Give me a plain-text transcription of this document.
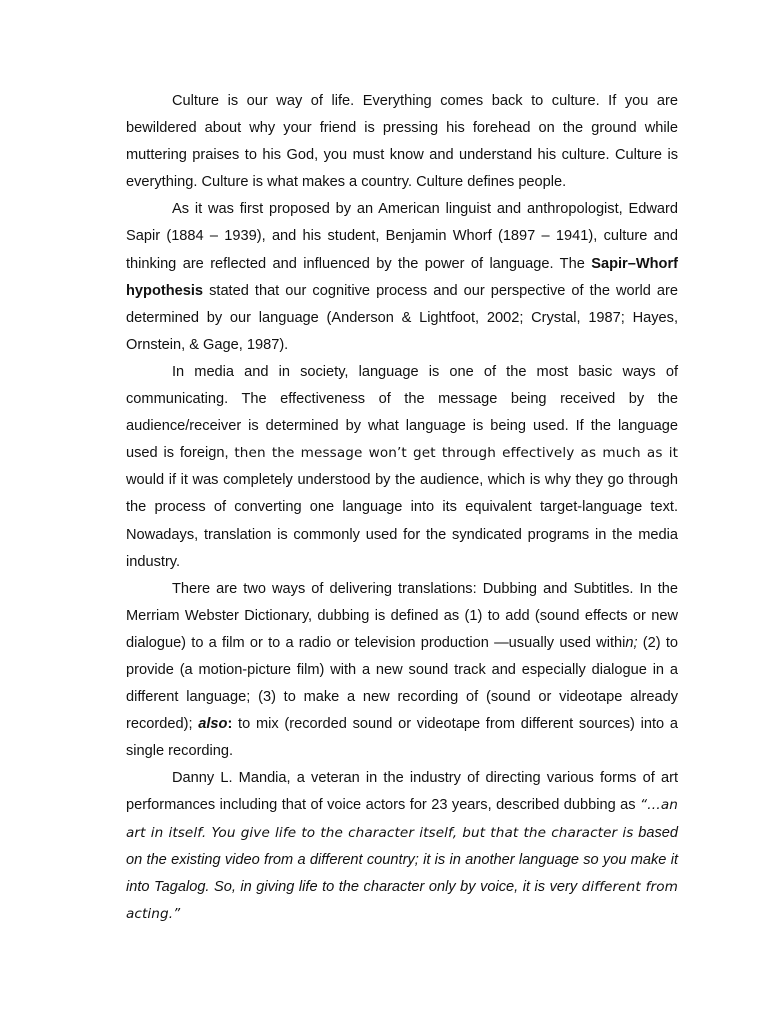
Culture is our way of life. Everything comes back to culture. If you are bewildered about why your friend is pressing his forehead on the ground while muttering praises to his God, you must know and understand his culture. Culture is everything. Culture is what makes a country. Culture defines people.

As it was first proposed by an American linguist and anthropologist, Edward Sapir (1884 – 1939), and his student, Benjamin Whorf (1897 – 1941), culture and thinking are reflected and influenced by the power of language. The Sapir–Whorf hypothesis stated that our cognitive process and our perspective of the world are determined by our language (Anderson & Lightfoot, 2002; Crystal, 1987; Hayes, Ornstein, & Gage, 1987).

In media and in society, language is one of the most basic ways of communicating. The effectiveness of the message being received by the audience/receiver is determined by what language is being used. If the language used is foreign, then the message won’t get through effectively as much as it would if it was completely understood by the audience, which is why they go through the process of converting one language into its equivalent target-language text. Nowadays, translation is commonly used for the syndicated programs in the media industry.

There are two ways of delivering translations: Dubbing and Subtitles. In the Merriam Webster Dictionary, dubbing is defined as (1) to add (sound effects or new dialogue) to a film or to a radio or television production —usually used within; (2) to provide (a motion-picture film) with a new sound track and especially dialogue in a different language; (3) to make a new recording of (sound or videotape already recorded); also: to mix (recorded sound or videotape from different sources) into a single recording.

Danny L. Mandia, a veteran in the industry of directing various forms of art performances including that of voice actors for 23 years, described dubbing as “…an art in itself. You give life to the character itself, but that the character is based on the existing video from a different country; it is in another language so you make it into Tagalog. So, in giving life to the character only by voice, it is very different from acting.”
